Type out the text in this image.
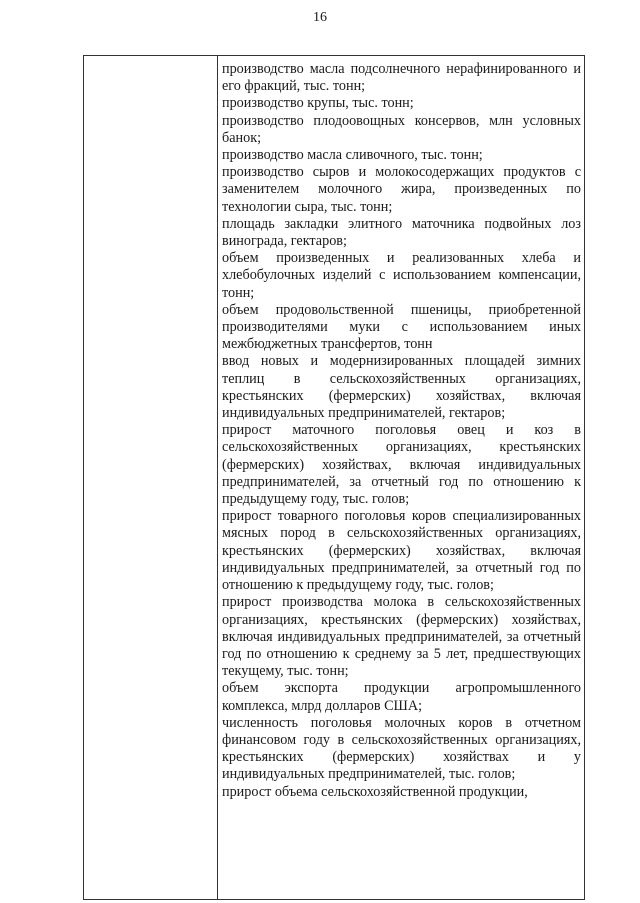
16

производство масла подсолнечного нерафинированного и его фракций, тыс. тонн;

производство крупы, тыс. тонн;

производство плодоовощных консервов, млн условных банок;

производство масла сливочного, тыс. тонн;

производство сыров и молокосодержащих продуктов с заменителем молочного жира, произведенных по технологии сыра, тыс. тонн;

площадь закладки элитного маточника подвойных лоз винограда, гектаров;

объем произведенных и реализованных хлеба и хлебобулочных изделий с использованием компенсации, тонн;

объем продовольственной пшеницы, приобретенной производителями муки с использованием иных межбюджетных трансфертов, тонн

ввод новых и модернизированных площадей зимних теплиц в сельскохозяйственных организациях, крестьянских (фермерских) хозяйствах, включая индивидуальных предпринимателей, гектаров;

прирост маточного поголовья овец и коз в сельскохозяйственных организациях, крестьянских (фермерских) хозяйствах, включая индивидуальных предпринимателей, за отчетный год по отношению к предыдущему году, тыс. голов;

прирост товарного поголовья коров специализированных мясных пород в сельскохозяйственных организациях, крестьянских (фермерских) хозяйствах, включая индивидуальных предпринимателей, за отчетный год по отношению к предыдущему году, тыс. голов;

прирост производства молока в сельскохозяйственных организациях, крестьянских (фермерских) хозяйствах, включая индивидуальных предпринимателей, за отчетный год по отношению к среднему за 5 лет, предшествующих текущему, тыс. тонн;

объем экспорта продукции агропромышленного комплекса, млрд долларов США;

численность поголовья молочных коров в отчетном финансовом году в сельскохозяйственных организациях, крестьянских (фермерских) хозяйствах и у индивидуальных предпринимателей, тыс. голов;

прирост объема сельскохозяйственной продукции,
